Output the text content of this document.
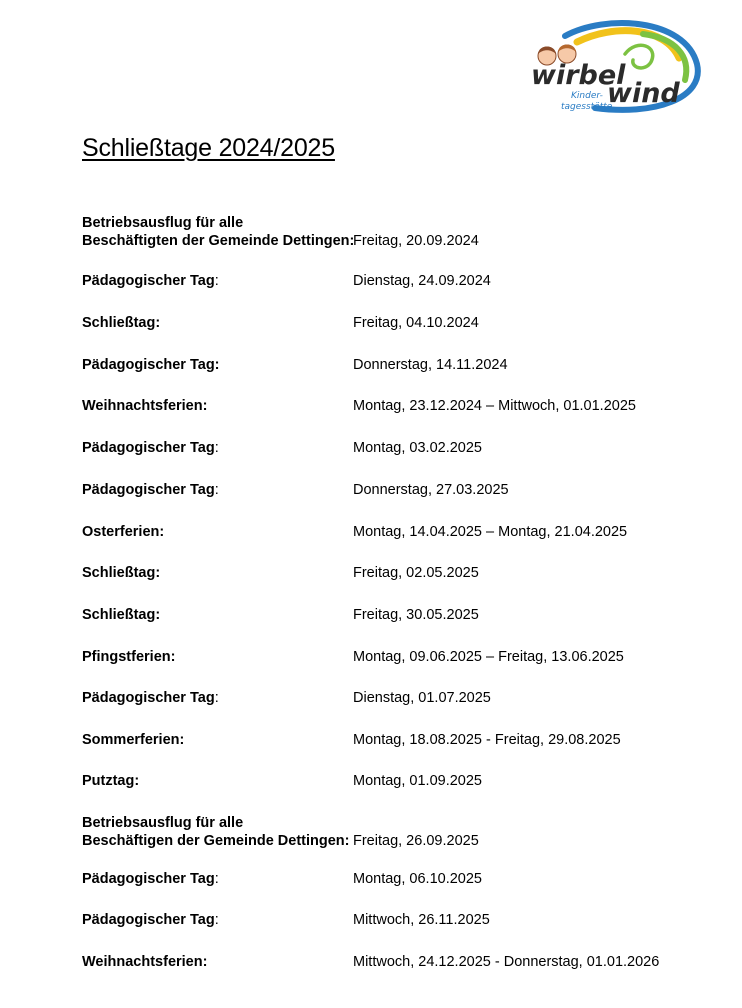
wirbel
wind
Kinder-
tagesstätte
Schließtage 2024/2025
Betriebsausflug für alle
Beschäftigten der Gemeinde Dettingen:
Freitag, 20.09.2024
Pädagogischer Tag:	Dienstag, 24.09.2024
Schließtag:	Freitag, 04.10.2024
Pädagogischer Tag:	Donnerstag, 14.11.2024
Weihnachtsferien:	Montag, 23.12.2024 – Mittwoch, 01.01.2025
Pädagogischer Tag:	Montag, 03.02.2025
Pädagogischer Tag:	Donnerstag, 27.03.2025
Osterferien:	Montag, 14.04.2025 – Montag, 21.04.2025
Schließtag:	Freitag, 02.05.2025
Schließtag:	Freitag, 30.05.2025
Pfingstferien:	Montag, 09.06.2025 – Freitag, 13.06.2025
Pädagogischer Tag:	Dienstag, 01.07.2025
Sommerferien:	Montag, 18.08.2025 - Freitag, 29.08.2025
Putztag:	Montag, 01.09.2025
Betriebsausflug für alle
Beschäftigen der Gemeinde Dettingen: Freitag, 26.09.2025
Pädagogischer Tag:	Montag, 06.10.2025
Pädagogischer Tag:	Mittwoch, 26.11.2025
Weihnachtsferien:	Mittwoch, 24.12.2025 - Donnerstag, 01.01.2026
